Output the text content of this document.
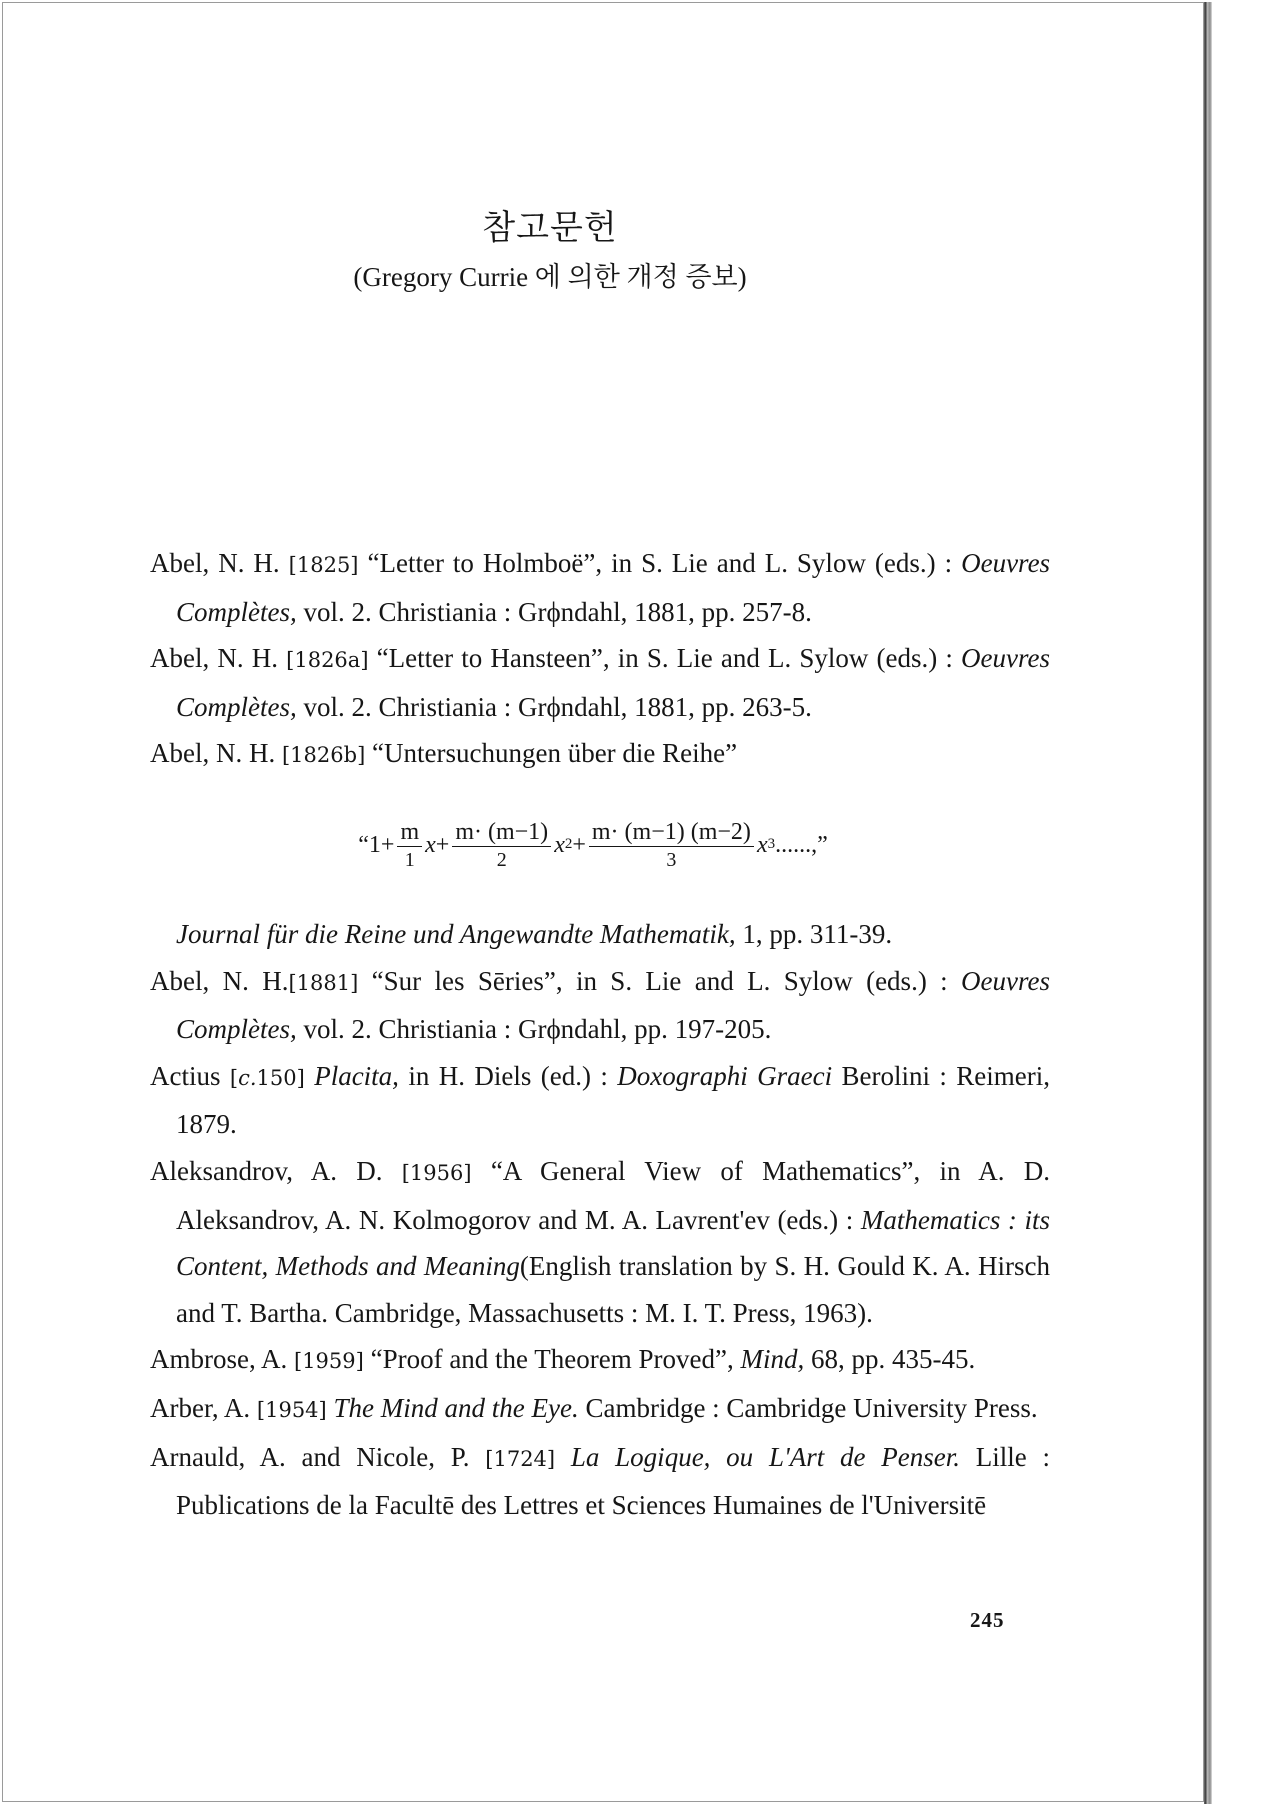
참고문헌
(Gregory Currie 에 의한 개정 증보)
Abel, N. H. [1825] “Letter to Holmboë”, in S. Lie and L. Sylow (eds.) : Oeuvres Complètes, vol. 2. Christiania : Grϕndahl, 1881, pp. 257-8.
Abel, N. H. [1826a] “Letter to Hansteen”, in S. Lie and L. Sylow (eds.) : Oeuvres Complètes, vol. 2. Christiania : Grϕndahl, 1881, pp. 263-5.
Abel, N. H. [1826b] “Untersuchungen über die Reihe”
“ $1 + \frac{m}{1}$ $x + \frac{m\cdot (m-1)}{2}$ x $2 + \frac{m\cdot (m-1) (m-2)}{3}$ x 3 ......,”
Journal für die Reine und Angewandte Mathematik, 1, pp. 311-39.
Abel, N. H.[1881] “Sur les Sēries”, in S. Lie and L. Sylow (eds.) : Oeuvres Complètes, vol. 2. Christiania : Grϕndahl, pp. 197-205.
Actius [c.150] Placita, in H. Diels (ed.) : Doxographi Graeci Berolini : Reimeri, 1879.
Aleksandrov, A. D. [1956] “A General View of Mathematics”, in A. D. Aleksandrov, A. N. Kolmogorov and M. A. Lavrent'ev (eds.) : Mathematics : its Content, Methods and Meaning(English translation by S. H. Gould K. A. Hirsch and T. Bartha. Cambridge, Massachusetts : M. I. T. Press, 1963).
Ambrose, A. [1959] “Proof and the Theorem Proved”, Mind, 68, pp. 435-45.
Arber, A. [1954] The Mind and the Eye. Cambridge : Cambridge University Press.
Arnauld, A. and Nicole, P. [1724] La Logique, ou L'Art de Penser. Lille : Publications de la Facultē des Lettres et Sciences Humaines de l'Universitē
245
